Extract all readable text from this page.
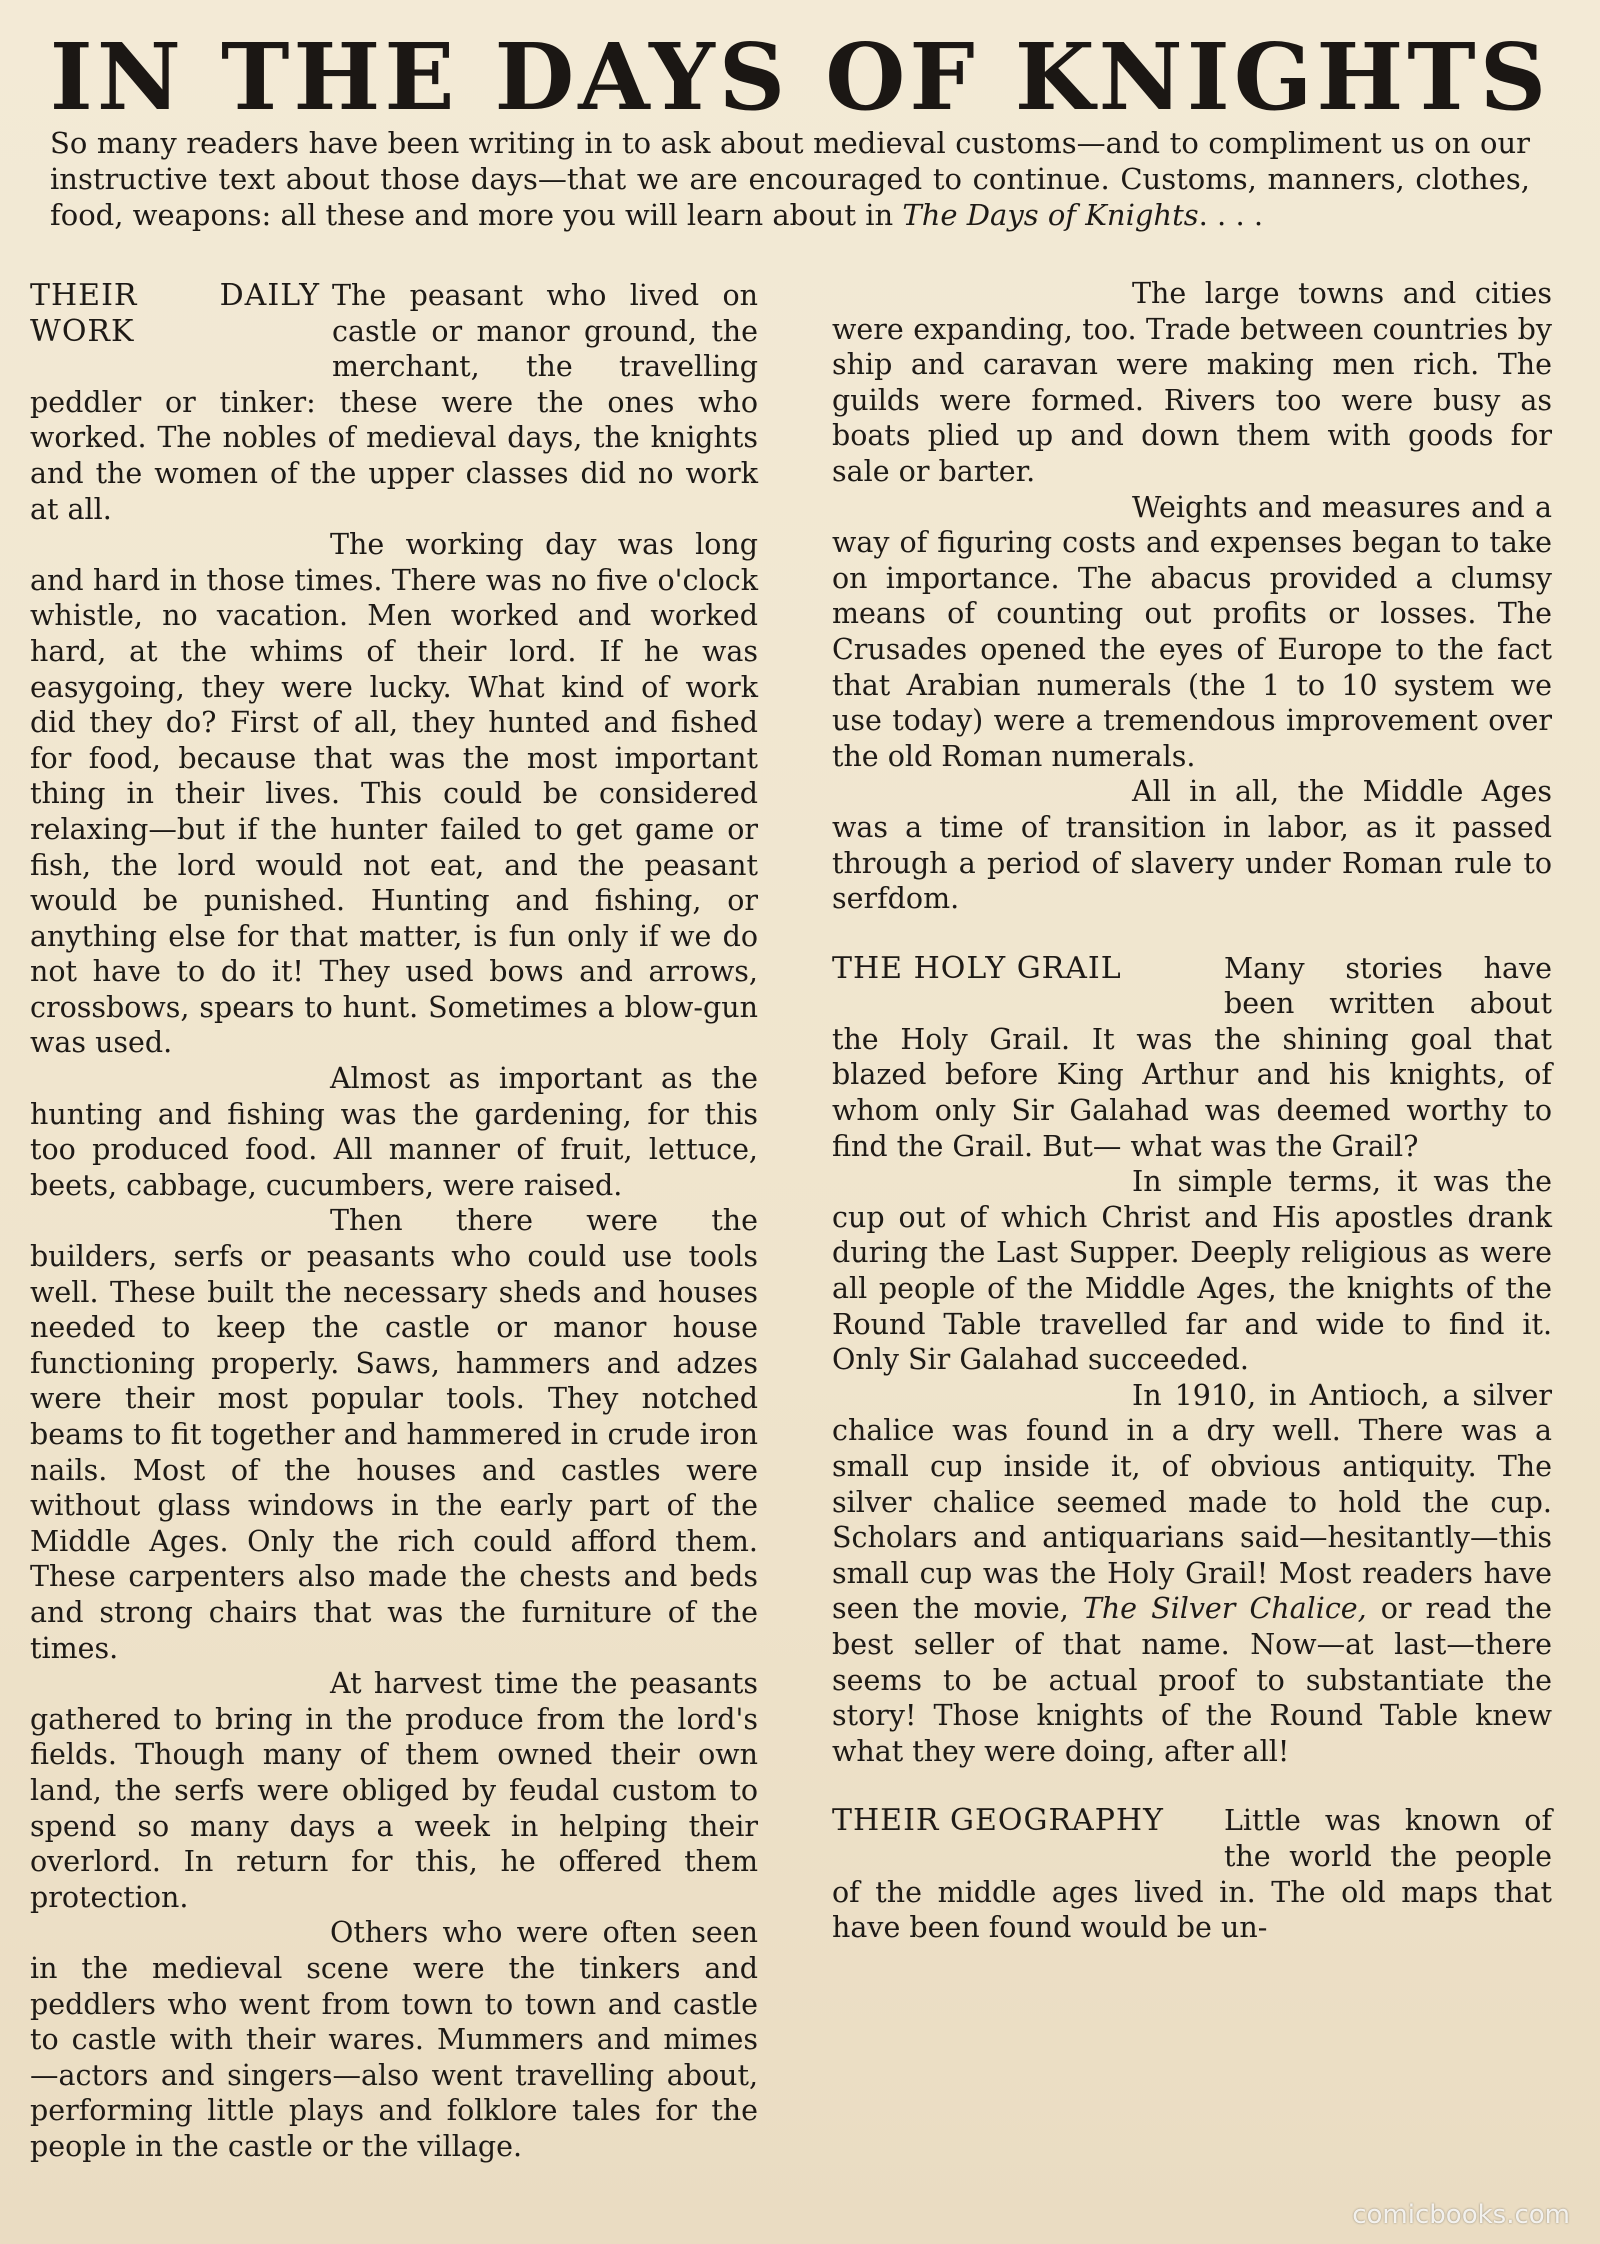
IN THE DAYS OF KNIGHTS
So many readers have been writing in to ask about medieval customs—and to compliment us on our instructive text about those days—that we are encouraged to continue. Customs, manners, clothes, food, weapons: all these and more you will learn about in The Days of Knights. . . .
THEIR DAILY WORK

The peasant who lived on castle or manor ground, the merchant, the travelling peddler or tinker: these were the ones who worked. The nobles of medieval days, the knights and the women of the upper classes did no work at all.

The working day was long and hard in those times. There was no five o'clock whistle, no vacation. Men worked and worked hard, at the whims of their lord. If he was easygoing, they were lucky. What kind of work did they do? First of all, they hunted and fished for food, because that was the most important thing in their lives. This could be considered relaxing—but if the hunter failed to get game or fish, the lord would not eat, and the peasant would be punished. Hunting and fishing, or anything else for that matter, is fun only if we do not have to do it! They used bows and arrows, crossbows, spears to hunt. Sometimes a blow-gun was used.

Almost as important as the hunting and fishing was the gardening, for this too produced food. All manner of fruit, lettuce, beets, cabbage, cucumbers, were raised.

Then there were the builders, serfs or peasants who could use tools well. These built the necessary sheds and houses needed to keep the castle or manor house functioning properly. Saws, hammers and adzes were their most popular tools. They notched beams to fit together and hammered in crude iron nails. Most of the houses and castles were without glass windows in the early part of the Middle Ages. Only the rich could afford them. These carpenters also made the chests and beds and strong chairs that was the furniture of the times.

At harvest time the peasants gathered to bring in the produce from the lord's fields. Though many of them owned their own land, the serfs were obliged by feudal custom to spend so many days a week in helping their overlord. In return for this, he offered them protection.

Others who were often seen in the medieval scene were the tinkers and peddlers who went from town to town and castle to castle with their wares. Mummers and mimes—actors and singers—also went travelling about, performing little plays and folklore tales for the people in the castle or the village.

The large towns and cities were expanding, too. Trade between countries by ship and caravan were making men rich. The guilds were formed. Rivers too were busy as boats plied up and down them with goods for sale or barter.

Weights and measures and a way of figuring costs and expenses began to take on importance. The abacus provided a clumsy means of counting out profits or losses. The Crusades opened the eyes of Europe to the fact that Arabian numerals (the 1 to 10 system we use today) were a tremendous improvement over the old Roman numerals.

All in all, the Middle Ages was a time of transition in labor, as it passed through a period of slavery under Roman rule to serfdom.

THE HOLY GRAIL	Many stories have been written about the Holy Grail. It was the shining goal that blazed before King Arthur and his knights, of whom only Sir Galahad was deemed worthy to find the Grail. But— what was the Grail?

In simple terms, it was the cup out of which Christ and His apostles drank during the Last Supper. Deeply religious as were all people of the Middle Ages, the knights of the Round Table travelled far and wide to find it. Only Sir Galahad succeeded.

In 1910, in Antioch, a silver chalice was found in a dry well. There was a small cup inside it, of obvious antiquity. The silver chalice seemed made to hold the cup. Scholars and antiquarians said—hesitantly—this small cup was the Holy Grail! Most readers have seen the movie, The Silver Chalice, or read the best seller of that name. Now—at last—there seems to be actual proof to substantiate the story! Those knights of the Round Table knew what they were doing, after all!

THEIR GEOGRAPHY	Little was known of the world the people of the middle ages lived in. The old maps that have been found would be un-

comicbooks.com
